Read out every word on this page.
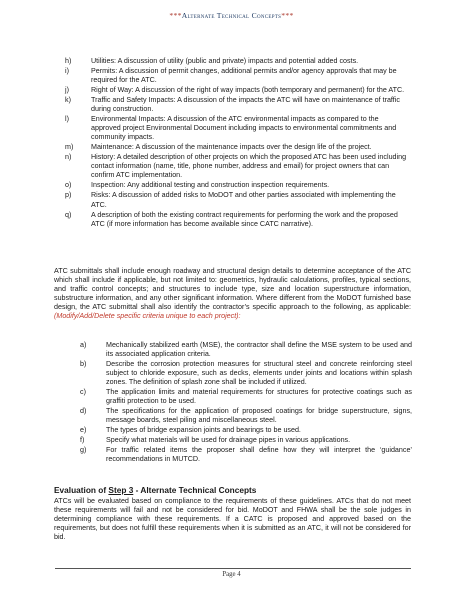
***Alternate Technical Concepts***
h)	Utilities: A discussion of utility (public and private) impacts and potential added costs.
i)	Permits: A discussion of permit changes, additional permits and/or agency approvals that may be required for the ATC.
j)	Right of Way: A discussion of the right of way impacts (both temporary and permanent) for the ATC.
k)	Traffic and Safety Impacts: A discussion of the impacts the ATC will have on maintenance of traffic during construction.
l)	Environmental Impacts: A discussion of the ATC environmental impacts as compared to the approved project Environmental Document including impacts to environmental commitments and community impacts.
m)	Maintenance: A discussion of the maintenance impacts over the design life of the project.
n)	History: A detailed description of other projects on which the proposed ATC has been used including contact information (name, title, phone number, address and email) for project owners that can confirm ATC implementation.
o)	Inspection: Any additional testing and construction inspection requirements.
p)	Risks: A discussion of added risks to MoDOT and other parties associated with implementing the ATC.
q)	A description of both the existing contract requirements for performing the work and the proposed ATC (if more information has become available since CATC narrative).
ATC submittals shall include enough roadway and structural design details to determine acceptance of the ATC which shall include if applicable, but not limited to: geometrics, hydraulic calculations, profiles, typical sections, and traffic control concepts; and structures to include type, size and location superstructure information, substructure information, and any other significant information. Where different from the MoDOT furnished base design, the ATC submittal shall also identify the contractor’s specific approach to the following, as applicable: (Modify/Add/Delete specific criteria unique to each project):
a)	Mechanically stabilized earth (MSE), the contractor shall define the MSE system to be used and its associated application criteria.
b)	Describe the corrosion protection measures for structural steel and concrete reinforcing steel subject to chloride exposure, such as decks, elements under joints and locations within splash zones. The definition of splash zone shall be included if utilized.
c)	The application limits and material requirements for structures for protective coatings such as graffiti protection to be used.
d)	The specifications for the application of proposed coatings for bridge superstructure, signs, message boards, steel piling and miscellaneous steel.
e)	The types of bridge expansion joints and bearings to be used.
f)	Specify what materials will be used for drainage pipes in various applications.
g)	For traffic related items the proposer shall define how they will interpret the ‘guidance’ recommendations in MUTCD.
Evaluation of Step 3 - Alternate Technical Concepts
ATCs will be evaluated based on compliance to the requirements of these guidelines. ATCs that do not meet these requirements will fail and not be considered for bid. MoDOT and FHWA shall be the sole judges in determining compliance with these requirements. If a CATC is proposed and approved based on the requirements, but does not fulfill these requirements when it is submitted as an ATC, it will not be considered for bid.
Page 4
